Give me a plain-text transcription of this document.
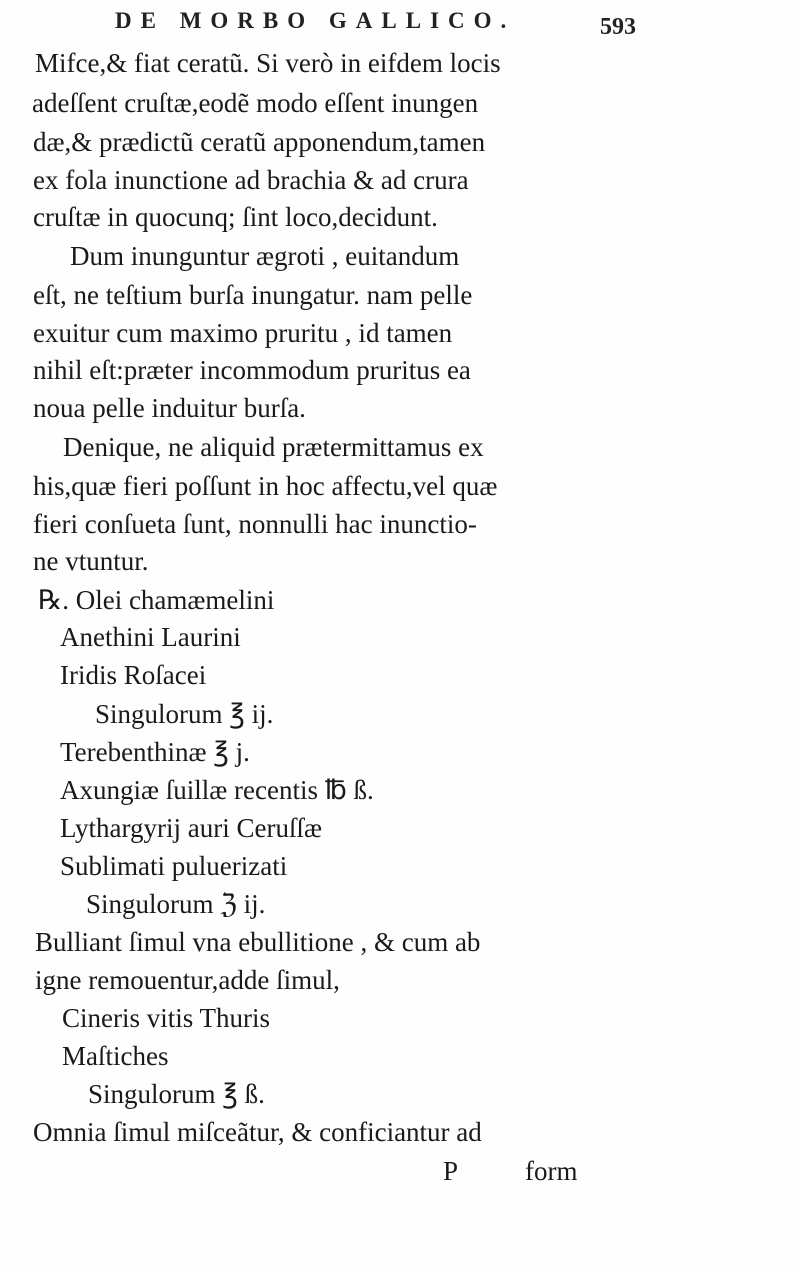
DE MORBO GALLICO.	593
Mifce,& fiat ceratũ. Si verò in eifdem locis
adeſſent cruſtæ,eodẽ modo eſſent inungen
dæ,& prædictũ ceratũ apponendum,tamen
ex fola inunctione ad brachia & ad crura
cruſtæ in quocunq; ſint loco,decidunt.
Dum inunguntur ægroti , euitandum
eſt, ne teſtium burſa inungatur. nam pelle
exuitur cum maximo pruritu , id tamen
nihil eſt:præter incommodum pruritus ea
noua pelle induitur burſa.
Denique, ne aliquid prætermittamus ex
his,quæ fieri poſſunt in hoc affectu,vel quæ
fieri conſueta ſunt, nonnulli hac inunctio-
ne vtuntur.
℞. Olei chamæmelini
Anethini Laurini
Iridis Roſacei
Singulorum ℥ ij.
Terebenthinæ ℥ j.
Axungiæ ſuillæ recentis ℔ ß.
Lythargyrij auri Ceruſſæ
Sublimati puluerizati
Singulorum ℨ ij.
Bulliant ſimul vna ebullitione , & cum ab
igne remouentur,adde ſimul,
Cineris vitis Thuris
Maſtiches
Singulorum ℥ ß.
Omnia ſimul miſceãtur, & conficiantur ad
P form
